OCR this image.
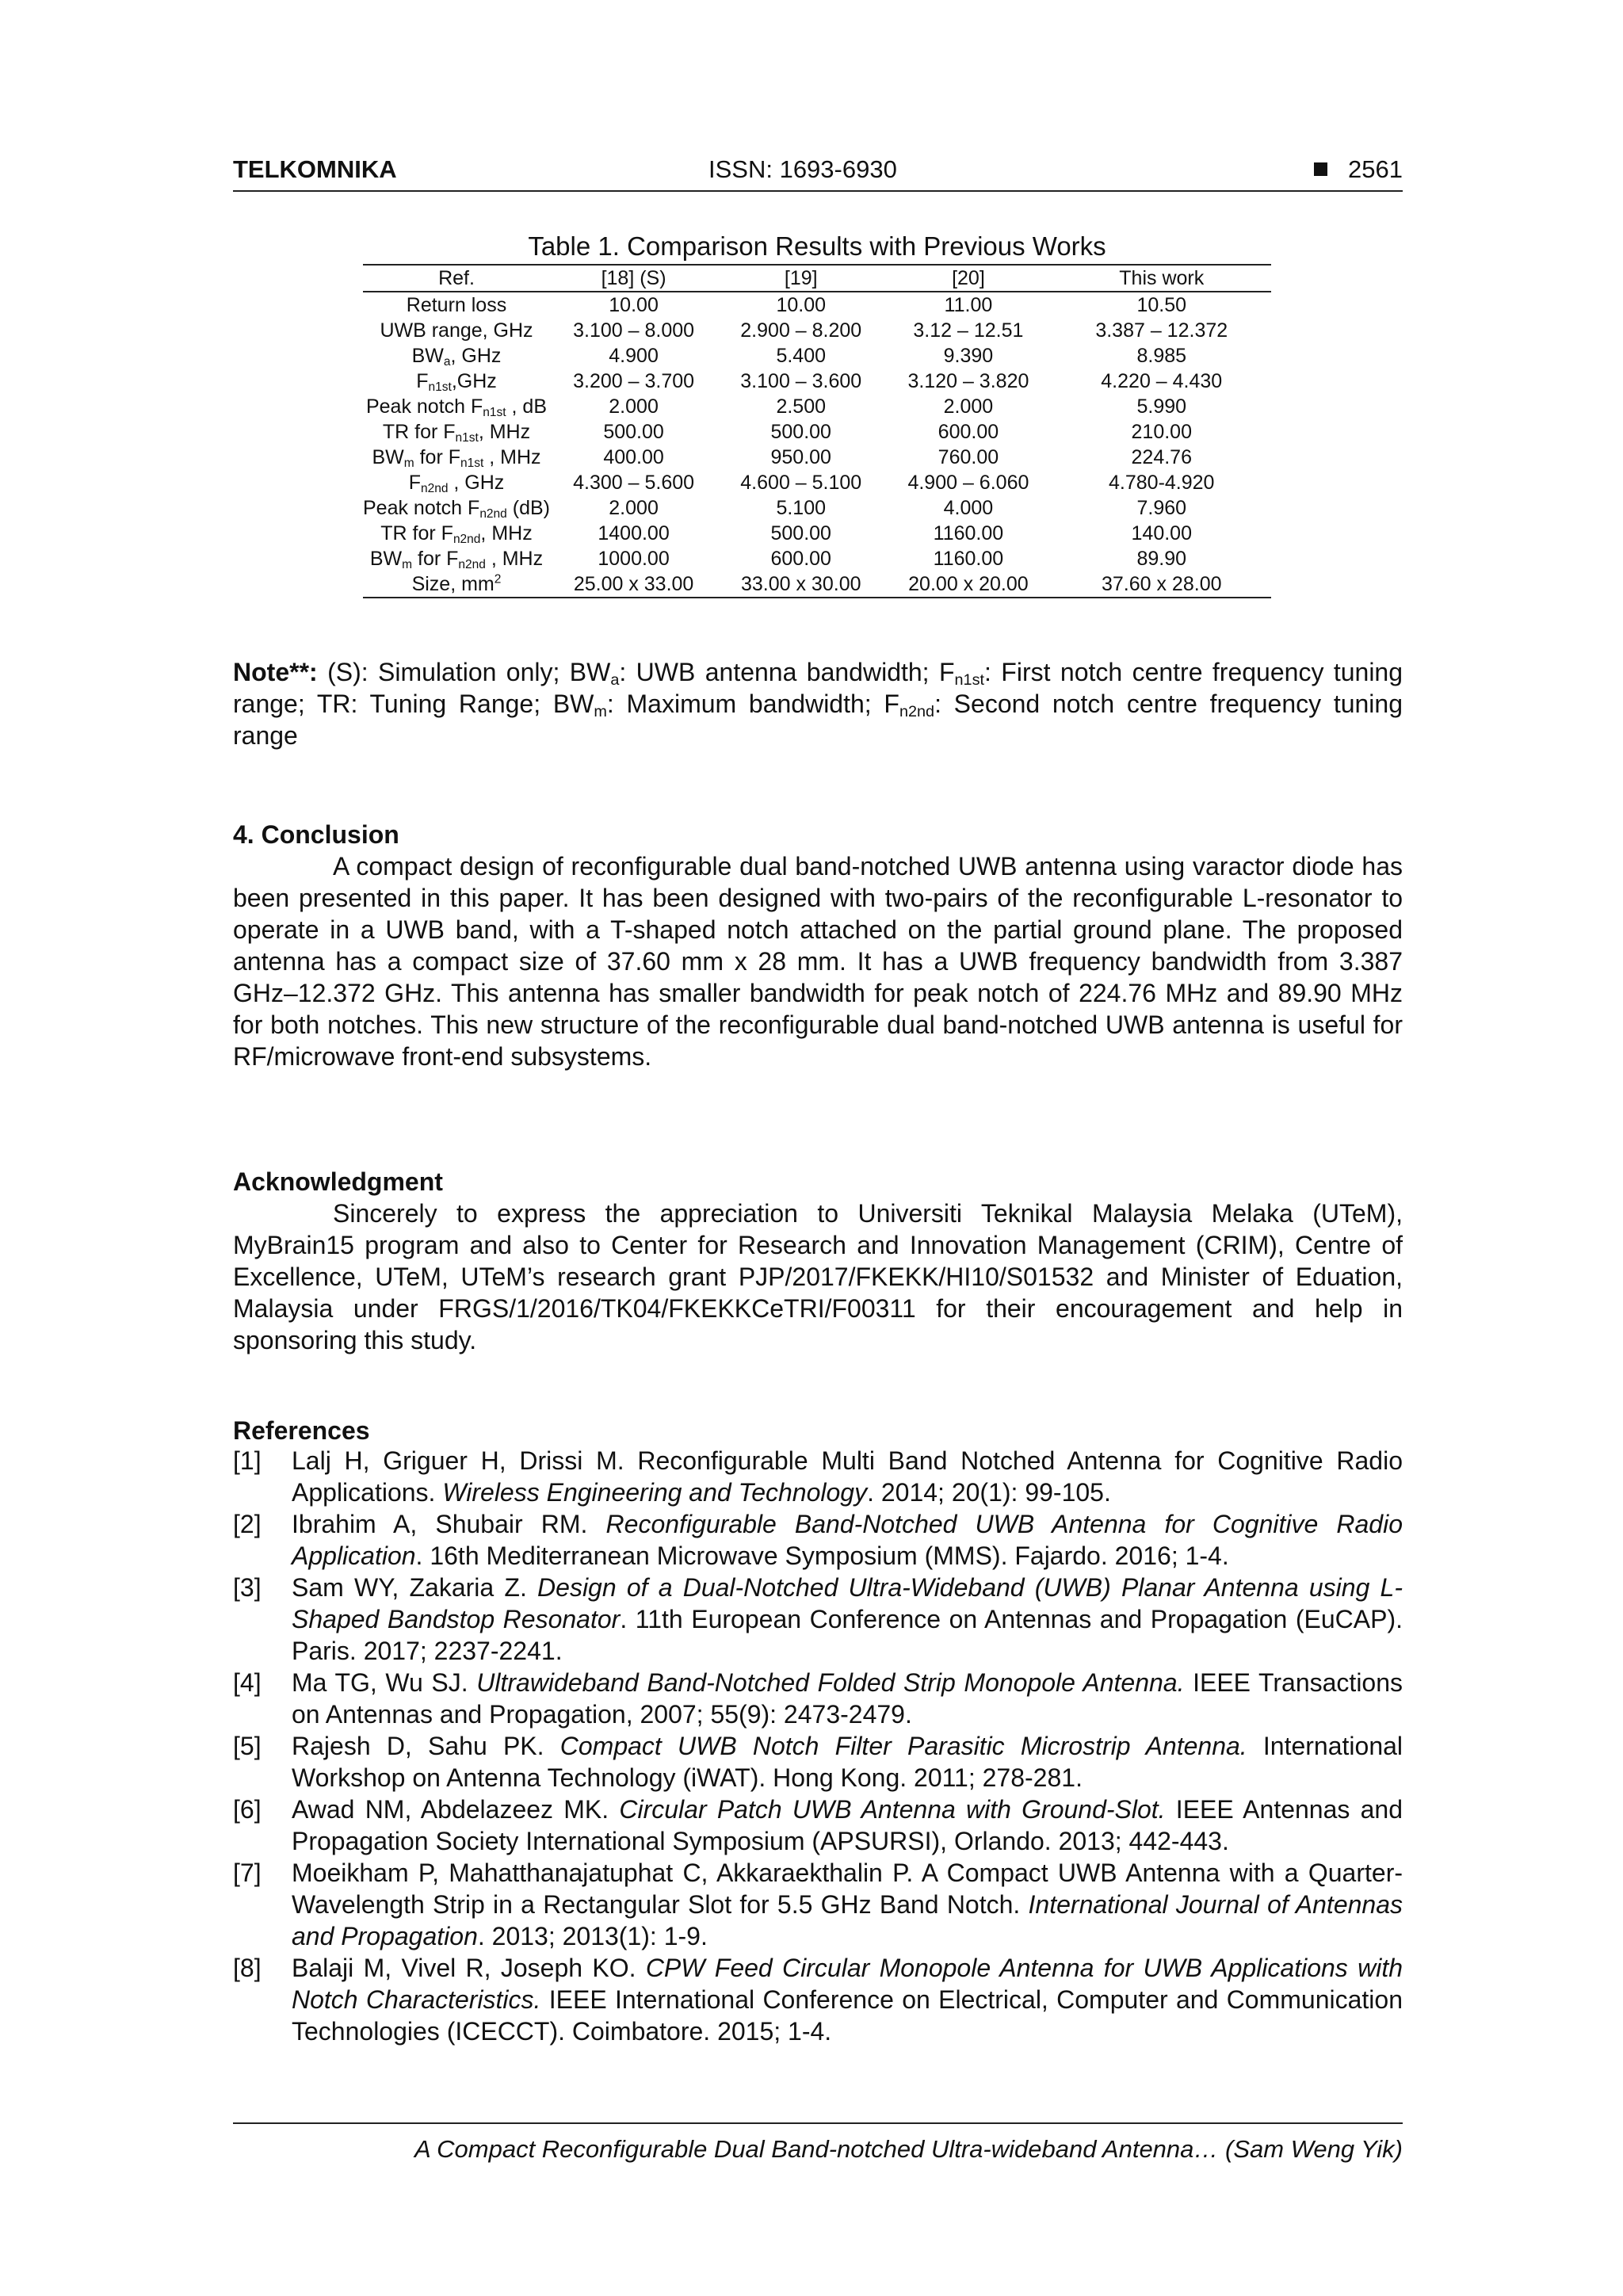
TELKOMNIKA	ISSN: 1693-6930	2561
Table 1. Comparison Results with Previous Works
Ref.	[18] (S)	[19]	[20]	This work
Return loss	10.00	10.00	11.00	10.50
UWB range, GHz	3.100 – 8.000	2.900 – 8.200	3.12 – 12.51	3.387 – 12.372
$BW_a$, GHz	4.900	5.400	9.390	8.985
$F_{n1st},GHz$	3.200 – 3.700	3.100 – 3.600	3.120 – 3.820	4.220 – 4.430
Peak notch $F_{n1st}$ , dB	2.000	2.500	2.000	5.990
TR for $F_{n1st}$, MHz	500.00	500.00	600.00	210.00
$BW_m$ for $F_{n1st}$ , MHz	400.00	950.00	760.00	224.76
$F_{n2nd}$ , GHz	4.300 – 5.600	4.600 – 5.100	4.900 – 6.060	4.780-4.920
Peak notch $F_{n2nd}$ (dB)	2.000	5.100	4.000	7.960
TR for $F_{n2nd}$, MHz	1400.00	500.00	1160.00	140.00
$BW_m$ for $F_{n2nd}$ , MHz	1000.00	600.00	1160.00	89.90
Size, $mm^2$	25.00 x 33.00	33.00 x 30.00	20.00 x 20.00	37.60 x 28.00

Note**: (S): Simulation only; $BW_a$: UWB antenna bandwidth; $F_{n1st}$: First notch centre frequency tuning range; TR: Tuning Range; $BW_m$: Maximum bandwidth; $F_{n2nd}$: Second notch centre frequency tuning range

4. Conclusion

A compact design of reconfigurable dual band-notched UWB antenna using varactor diode has been presented in this paper. It has been designed with two-pairs of the reconfigurable L-resonator to operate in a UWB band, with a T-shaped notch attached on the partial ground plane. The proposed antenna has a compact size of 37.60 mm x 28 mm. It has a UWB frequency bandwidth from 3.387 GHz–12.372 GHz. This antenna has smaller bandwidth for peak notch of 224.76 MHz and 89.90 MHz for both notches. This new structure of the reconfigurable dual band-notched UWB antenna is useful for RF/microwave front-end subsystems.

Acknowledgment

Sincerely to express the appreciation to Universiti Teknikal Malaysia Melaka (UTeM), MyBrain15 program and also to Center for Research and Innovation Management (CRIM), Centre of Excellence, UTeM, UTeM’s research grant PJP/2017/FKEKK/HI10/S01532 and Minister of Eduation, Malaysia under FRGS/1/2016/TK04/FKEKKCeTRI/F00311 for their encouragement and help in sponsoring this study.

References
[1] Lalj H, Griguer H, Drissi M. Reconfigurable Multi Band Notched Antenna for Cognitive Radio Applications. Wireless Engineering and Technology. 2014; 20(1): 99-105.
[2] Ibrahim A, Shubair RM. Reconfigurable Band-Notched UWB Antenna for Cognitive Radio Application. 16th Mediterranean Microwave Symposium (MMS). Fajardo. 2016; 1-4.
[3] Sam WY, Zakaria Z. Design of a Dual-Notched Ultra-Wideband (UWB) Planar Antenna using L-Shaped Bandstop Resonator. 11th European Conference on Antennas and Propagation (EuCAP). Paris. 2017; 2237-2241.
[4] Ma TG, Wu SJ. Ultrawideband Band-Notched Folded Strip Monopole Antenna. IEEE Transactions on Antennas and Propagation, 2007; 55(9): 2473-2479.
[5] Rajesh D, Sahu PK. Compact UWB Notch Filter Parasitic Microstrip Antenna. International Workshop on Antenna Technology (iWAT). Hong Kong. 2011; 278-281.
[6] Awad NM, Abdelazeez MK. Circular Patch UWB Antenna with Ground-Slot. IEEE Antennas and Propagation Society International Symposium (APSURSI), Orlando. 2013; 442-443.
[7] Moeikham P, Mahatthanajatuphat C, Akkaraekthalin P. A Compact UWB Antenna with a Quarter-Wavelength Strip in a Rectangular Slot for 5.5 GHz Band Notch. International Journal of Antennas and Propagation. 2013; 2013(1): 1-9.
[8] Balaji M, Vivel R, Joseph KO. CPW Feed Circular Monopole Antenna for UWB Applications with Notch Characteristics. IEEE International Conference on Electrical, Computer and Communication Technologies (ICECCT). Coimbatore. 2015; 1-4.
A Compact Reconfigurable Dual Band-notched Ultra-wideband Antenna… (Sam Weng Yik)
